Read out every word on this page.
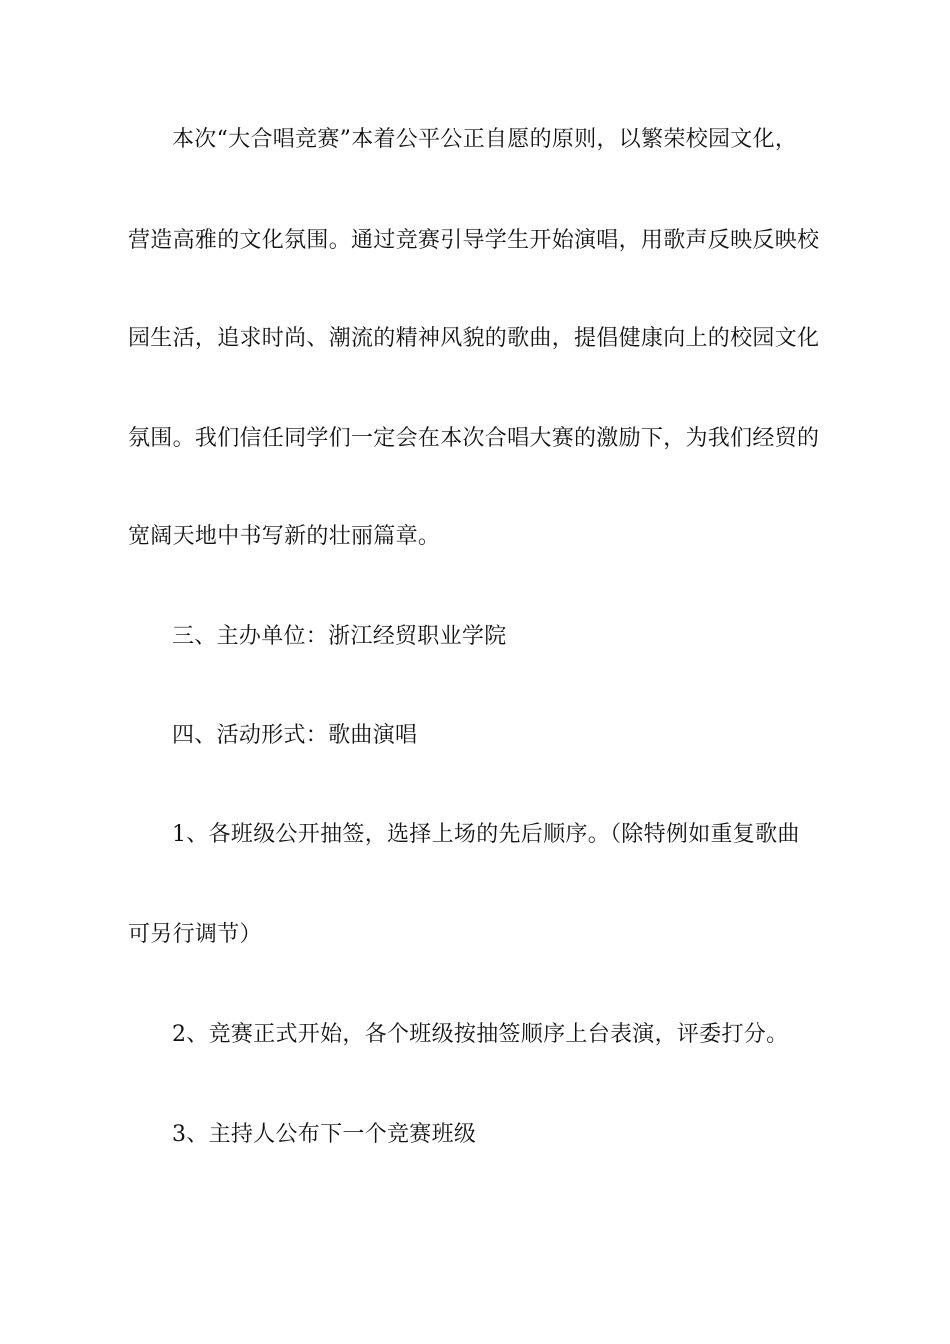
本次“大合唱竞赛”本着公平公正自愿的原则，以繁荣校园文化，
营造高雅的文化氛围。通过竞赛引导学生开始演唱，用歌声反映反映校
园生活，追求时尚、潮流的精神风貌的歌曲，提倡健康向上的校园文化
氛围。我们信任同学们一定会在本次合唱大赛的激励下，为我们经贸的
宽阔天地中书写新的壮丽篇章。
三、主办单位：浙江经贸职业学院
四、活动形式：歌曲演唱
1、各班级公开抽签，选择上场的先后顺序。（除特例如重复歌曲
可另行调节）
2、竞赛正式开始，各个班级按抽签顺序上台表演，评委打分。
3、主持人公布下一个竞赛班级
